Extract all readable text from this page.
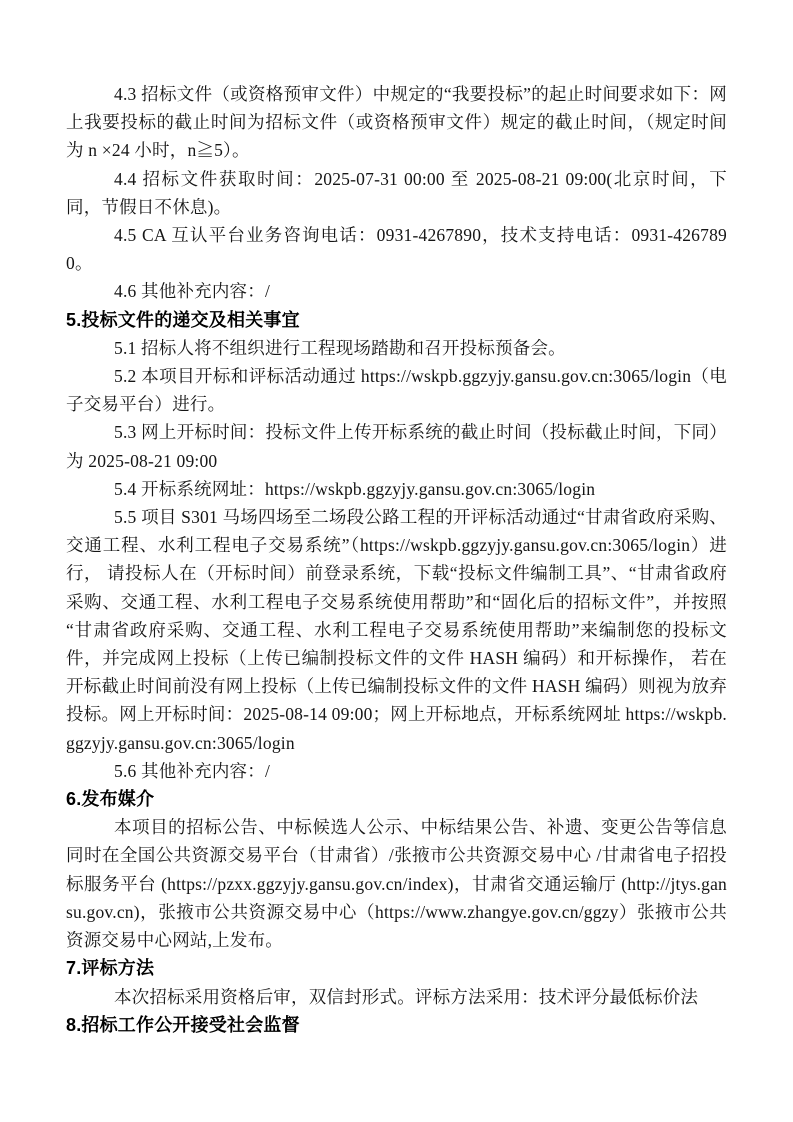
4.3 招标文件（或资格预审文件）中规定的“我要投标”的起止时间要求如下：网上我要投标的截止时间为招标文件（或资格预审文件）规定的截止时间，（规定时间为 n ×24 小时，n≧5）。

4.4 招标文件获取时间：2025-07-31 00:00 至 2025-08-21 09:00(北京时间，下同，节假日不休息)。

4.5 CA 互认平台业务咨询电话：0931-4267890，技术支持电话：0931-4267890。

4.6 其他补充内容：/

5.投标文件的递交及相关事宜

5.1 招标人将不组织进行工程现场踏勘和召开投标预备会。

5.2 本项目开标和评标活动通过 https://wskpb.ggzyjy.gansu.gov.cn:3065/login（电子交易平台）进行。

5.3 网上开标时间：投标文件上传开标系统的截止时间（投标截止时间，下同）为 2025-08-21 09:00

5.4 开标系统网址：https://wskpb.ggzyjy.gansu.gov.cn:3065/login

5.5 项目 S301 马场四场至二场段公路工程的开评标活动通过“甘肃省政府采购、交通工程、水利工程电子交易系统”（https://wskpb.ggzyjy.gansu.gov.cn:3065/login）进行， 请投标人在（开标时间）前登录系统，下载“投标文件编制工具”、“甘肃省政府采购、交通工程、水利工程电子交易系统使用帮助”和“固化后的招标文件”，并按照“甘肃省政府采购、交通工程、水利工程电子交易系统使用帮助”来编制您的投标文件，并完成网上投标（上传已编制投标文件的文件 HASH 编码）和开标操作， 若在开标截止时间前没有网上投标（上传已编制投标文件的文件 HASH 编码）则视为放弃投标。网上开标时间：2025-08-14 09:00；网上开标地点，开标系统网址 https://wskpb.ggzyjy.gansu.gov.cn:3065/login

5.6 其他补充内容：/

6.发布媒介

本项目的招标公告、中标候选人公示、中标结果公告、补遗、变更公告等信息同时在全国公共资源交易平台（甘肃省）/张掖市公共资源交易中心 /甘肃省电子招投标服务平台 (https://pzxx.ggzyjy.gansu.gov.cn/index)，甘肃省交通运输厅 (http://jtys.gansu.gov.cn)，张掖市公共资源交易中心（https://www.zhangye.gov.cn/ggzy）张掖市公共资源交易中心网站,上发布。

7.评标方法

本次招标采用资格后审，双信封形式。评标方法采用：技术评分最低标价法

8.招标工作公开接受社会监督
